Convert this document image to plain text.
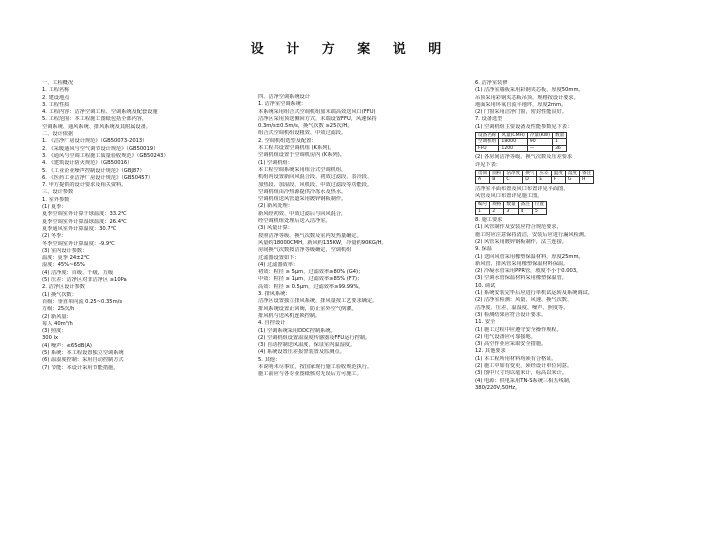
设 计 方 案 说 明
一、工程概况
1. 工程名称
2. 建设地点
3. 工程性质
4. 工程内容：洁净空调工程、空调系统及配套设施
5. 工程范围：本工程施工图纸包括全部内容，
空调系统、通风系统、排风系统及其附属设备。
二、设计依据
1. 《洁净厂房设计规范》（GB50073-2013）
2. 《采暖通风与空气调节设计规范》（GB50019）
3. 《通风与空调工程施工质量验收规范》（GB50243）
4. 《建筑设计防火规范》（GB50016）
5. 《工业企业噪声控制设计规范》（GBJ87）
6. 《医药工业洁净厂房设计规范》（GB50457）
7. 甲方提供的设计要求及相关资料。
三、设计参数
1. 室外参数
(1) 夏季：
夏季空调室外计算干球温度：33.2℃
夏季空调室外计算湿球温度：26.4℃
夏季通风室外计算温度：30.7℃
(2) 冬季：
冬季空调室外计算温度：-9.9℃
(3) 室内设计参数：
温度：夏季 24±2℃
湿度：45%~65%
(4) 洁净度：百级、千级、万级
(5) 压差：洁净区对非洁净区 ≥10Pa
2. 洁净区设计参数
(1) 换气次数：
百级：垂直单向流 0.25~0.35m/s
万级：25次/h
(2) 新风量：
每人 40m³/h
(3) 照度：
300 lx
(4) 噪声：≤65dB(A)
(5) 系统：本工程设置独立空调系统
(6) 温湿度控制：采用自动控制方式
(7) 节能：本设计采用节能措施。
四、洁净空调系统设计
1. 洁净室空调系统：
本系统采用组合式空调机组加末端高效送风口(FFU)
洁净区采用顶送侧回方式，末端设置FFU，风速保持
0.3m/s±0.5m/s，换气次数 ≥25次/H。
组合式空调机组设粗效、中效过滤段。
2. 空调机组选型及配置：
本工程共设置空调机组 (K系列)。
空调机组设置于空调机房内 (K系列)。
(1) 空调机组：
本工程空调系统采用组合式空调机组，
机组内设置新回风混合段、初效过滤段、表冷段、
加热段、加湿段、风机段、中效过滤段等功能段。
空调机组由冷热源提供冷冻水及热水。
空调机组送风管道采用镀锌钢板制作。
(2) 新风处理：
新风经初效、中效过滤后与回风混合，
经空调机组处理后送入洁净室。
(3) 风量计算：
按照洁净等级、换气次数及室内发热量确定。
风量约18000CMH，新风约135KW，冷量约90KG/H。
房间换气次数按洁净等级确定，空调机组
过滤器设置如下：
(4) 过滤器效率：
初效：粒径 ≥ 5μm，过滤效率≥80% (G4)；
中效：粒径 ≥ 1μm，过滤效率≥85% (F7)；
高效：粒径 ≥ 0.5μm，过滤效率≥99.99%。
3. 排风系统：
洁净区设置独立排风系统，排风量按工艺要求确定。
排风系统设置止回阀，防止室外空气倒灌。
排风机与送风机连锁控制。
4. 自控设计
(1) 空调系统采用DDC控制系统。
(2) 空调机组设置温湿度传感器及FFU运行控制。
(3) 自动控制送风温度，保证室内温湿度。
(4) 系统设置压差报警装置及监测点。
5. 其他：
本说明未尽事宜，按国家现行施工验收规范执行。
施工前应与各专业图纸核对无误后方可施工。
6. 洁净室装修
(1) 洁净室墙板采用彩钢夹芯板，厚度50mm。
吊顶采用彩钢夹芯板吊顶，规格按设计要求。
地面采用环氧自流平地坪，厚度2mm。
(2) 门窗采用洁净门窗，密封性能良好。
7. 设备选型
(1) 空调机组主要设备及性能参数见下表：
设备名称	风量(CMH)	冷量(KW)	数量
空调机组	18000	90	1
FFU	1200	—	36
(2) 各房间洁净等级、换气次数及压差要求
详见下表：
房间	面积	洁净度	换气	压差	温度	湿度	备注
A	B	C	D	E	F	G	H
洁净室平面布置及风口布置详见平面图，
风管及风口布置详见施工图。
编号	规格	数量	备注	位置
1	2	3	4	5
8. 施工要求
(1) 风管制作及安装应符合规范要求，
施工时应注意保持清洁，安装后应进行漏风检测。
(2) 风管采用镀锌钢板制作，法兰连接。
9. 保温
(1) 送回风管采用橡塑保温材料，厚度25mm。
新风管、排风管采用橡塑保温材料保温。
(2) 冷凝水管采用PPR管，坡度不小于0.003。
(3) 空调水管保温材料采用橡塑保温管。
10. 调试
(1) 系统安装完毕后应进行单机试运转及系统调试。
(2) 洁净室检测：风量、风速、换气次数、
洁净度、压差、温湿度、噪声、照度等。
(3) 检测结果应符合设计要求。
11. 安全
(1) 施工过程中应遵守安全操作规程。
(2) 电气设备应可靠接地。
(3) 高空作业应采取安全措施。
12. 其他要求
(1) 本工程所用材料均须有合格证。
(2) 施工中如有变更，须经设计单位同意。
(3) 图中尺寸均以毫米计，标高以米计。
(4) 电源：供电采用TN-S系统三相五线制，
380/220V,50Hz。
